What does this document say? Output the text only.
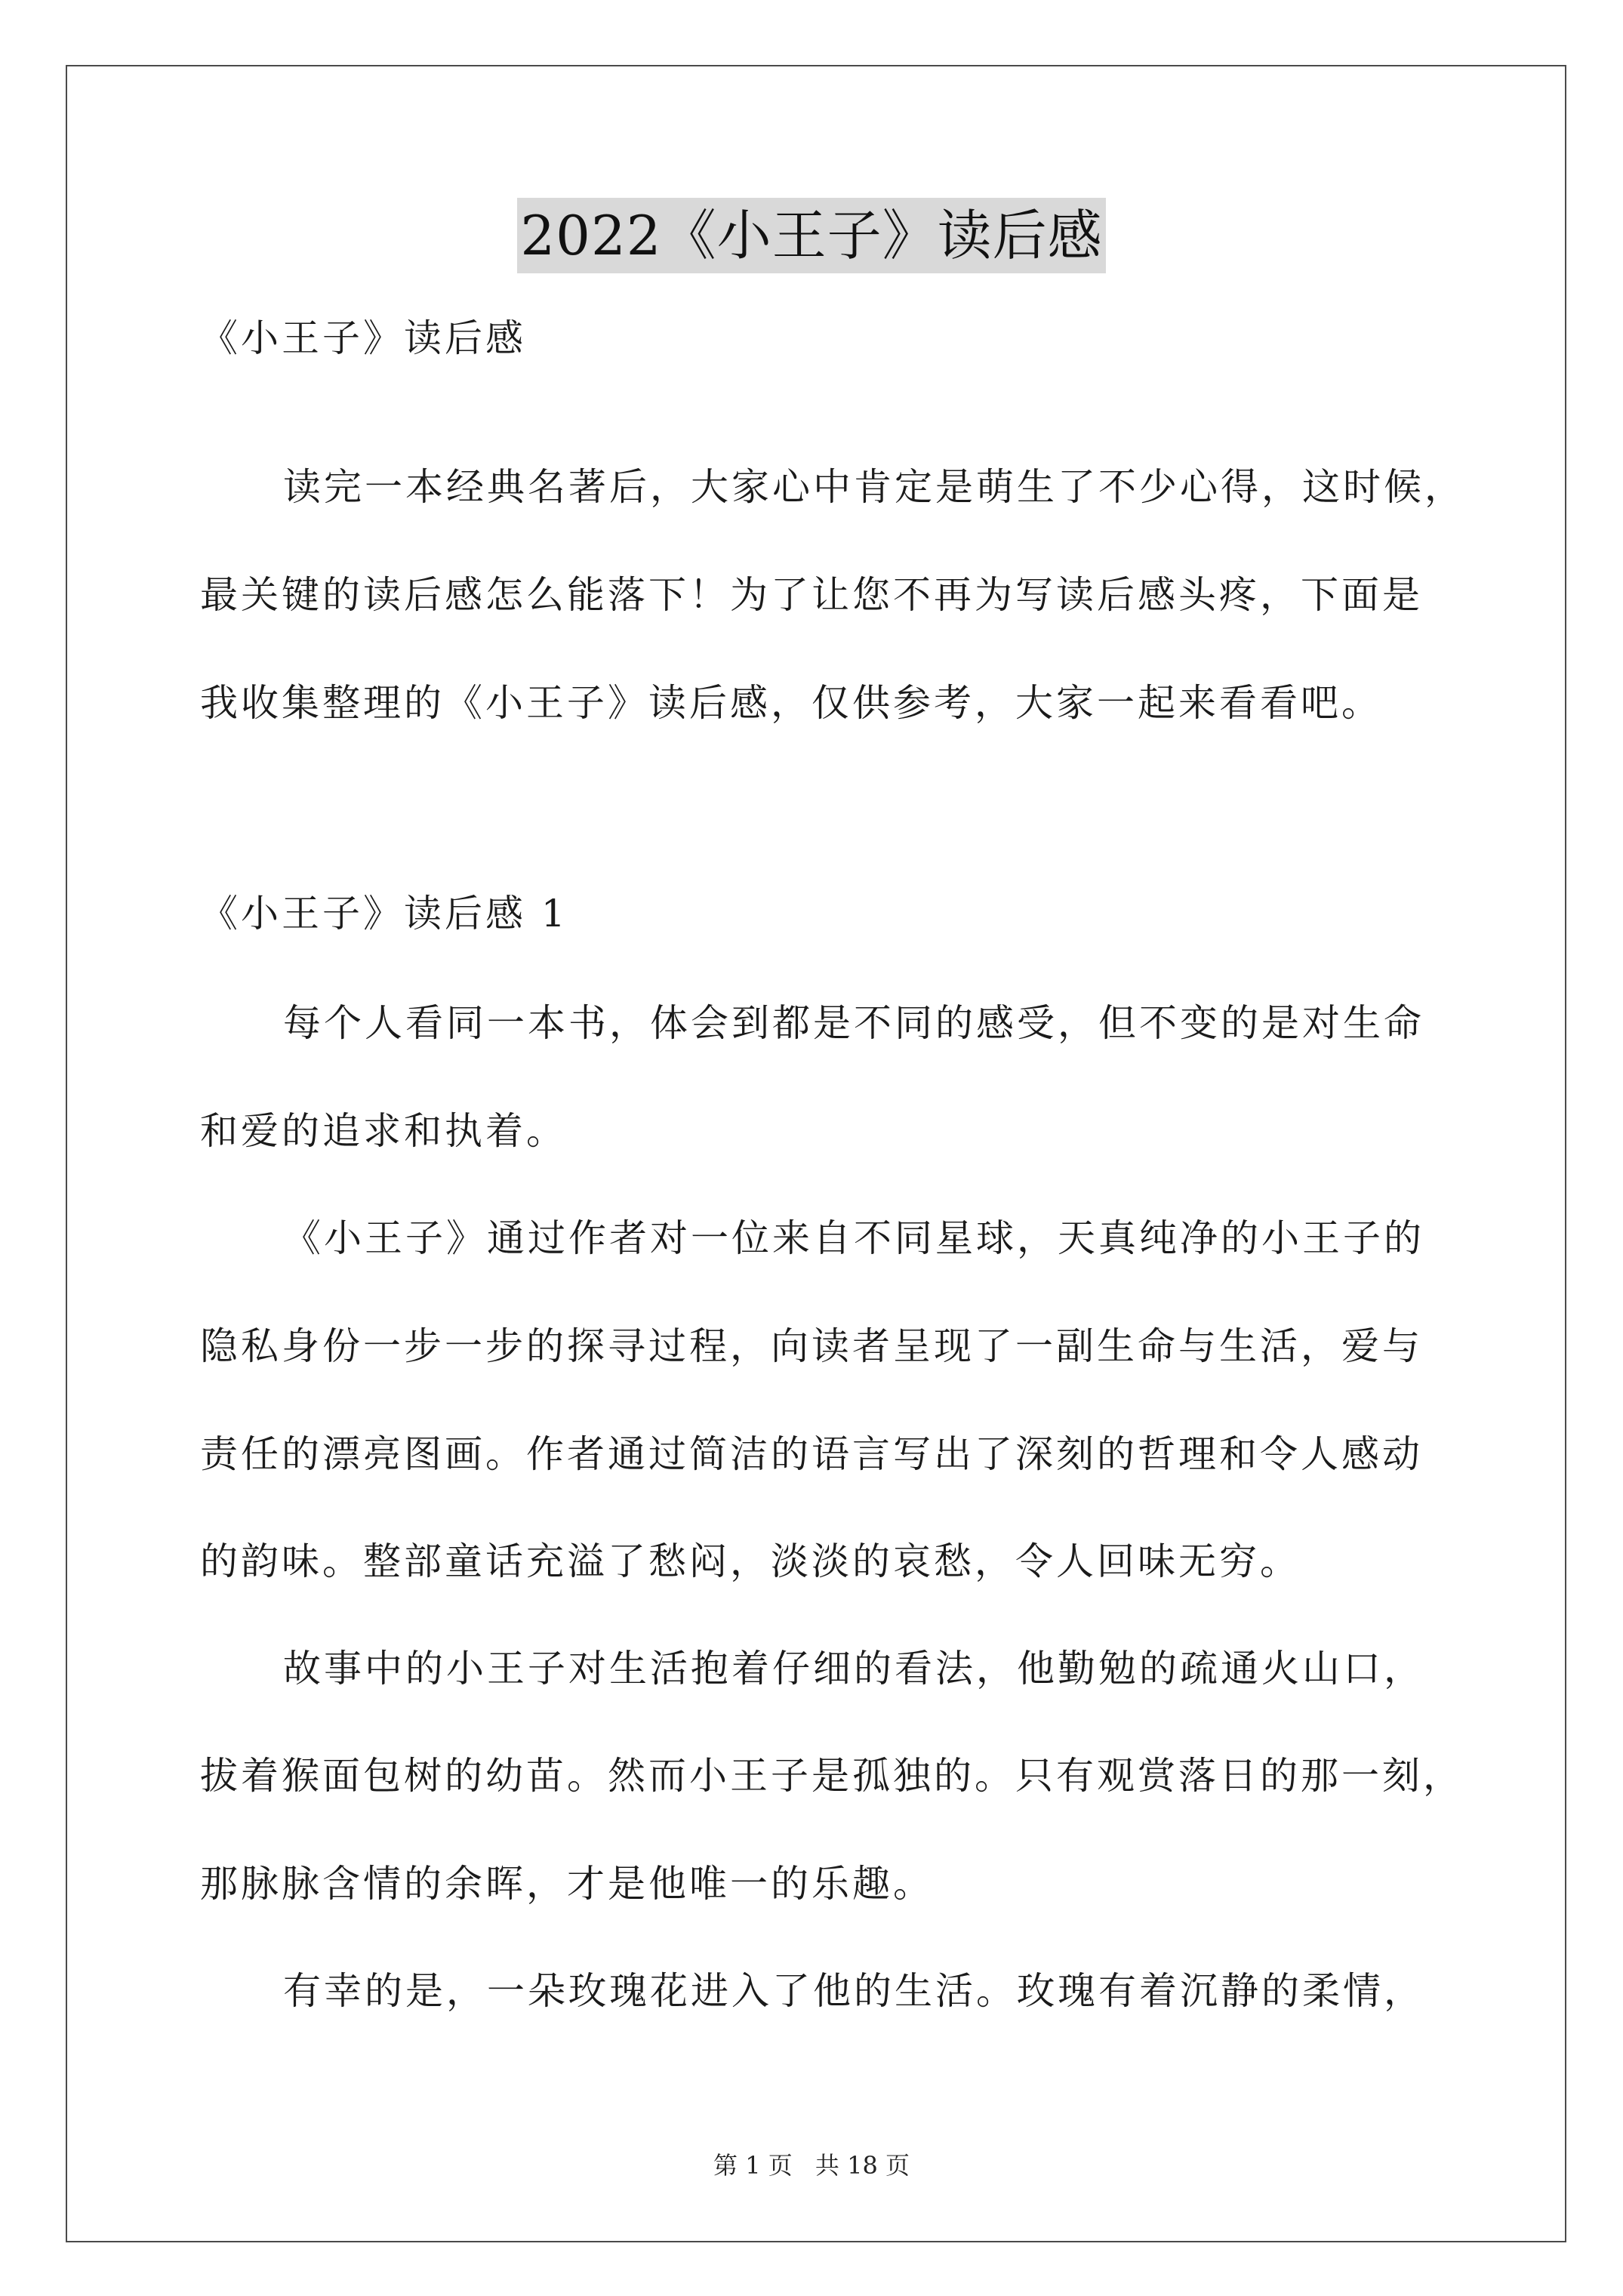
2022《小王子》读后感
《小王子》读后感
读完一本经典名著后，大家心中肯定是萌生了不少心得，这时候，
最关键的读后感怎么能落下！为了让您不再为写读后感头疼，下面是
我收集整理的《小王子》读后感，仅供参考，大家一起来看看吧。
《小王子》读后感 1
每个人看同一本书，体会到都是不同的感受，但不变的是对生命
和爱的追求和执着。
《小王子》通过作者对一位来自不同星球，天真纯净的小王子的
隐私身份一步一步的探寻过程，向读者呈现了一副生命与生活，爱与
责任的漂亮图画。作者通过简洁的语言写出了深刻的哲理和令人感动
的韵味。整部童话充溢了愁闷，淡淡的哀愁，令人回味无穷。
故事中的小王子对生活抱着仔细的看法，他勤勉的疏通火山口，
拔着猴面包树的幼苗。然而小王子是孤独的。只有观赏落日的那一刻，
那脉脉含情的余晖，才是他唯一的乐趣。
有幸的是，一朵玫瑰花进入了他的生活。玫瑰有着沉静的柔情，
第 1 页 共 18 页
